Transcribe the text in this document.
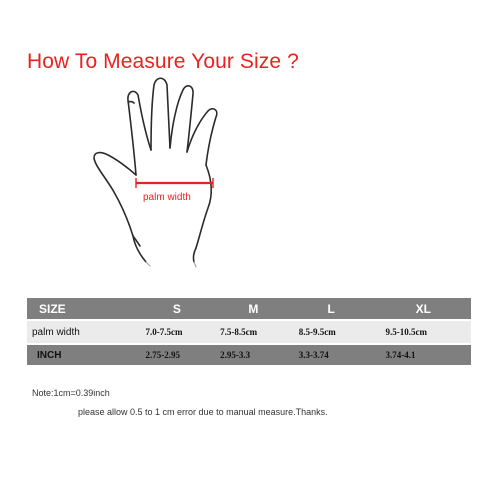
How To Measure Your Size ?
palm width
SIZE	S	M	L	XL

palm width	7.0-7.5cm	7.5-8.5cm	8.5-9.5cm	9.5-10.5cm

INCH	2.75-2.95	2.95-3.3	3.3-3.74	3.74-4.1
Note:1cm=0.39inch
please allow 0.5 to 1 cm error due to manual measure.Thanks.
